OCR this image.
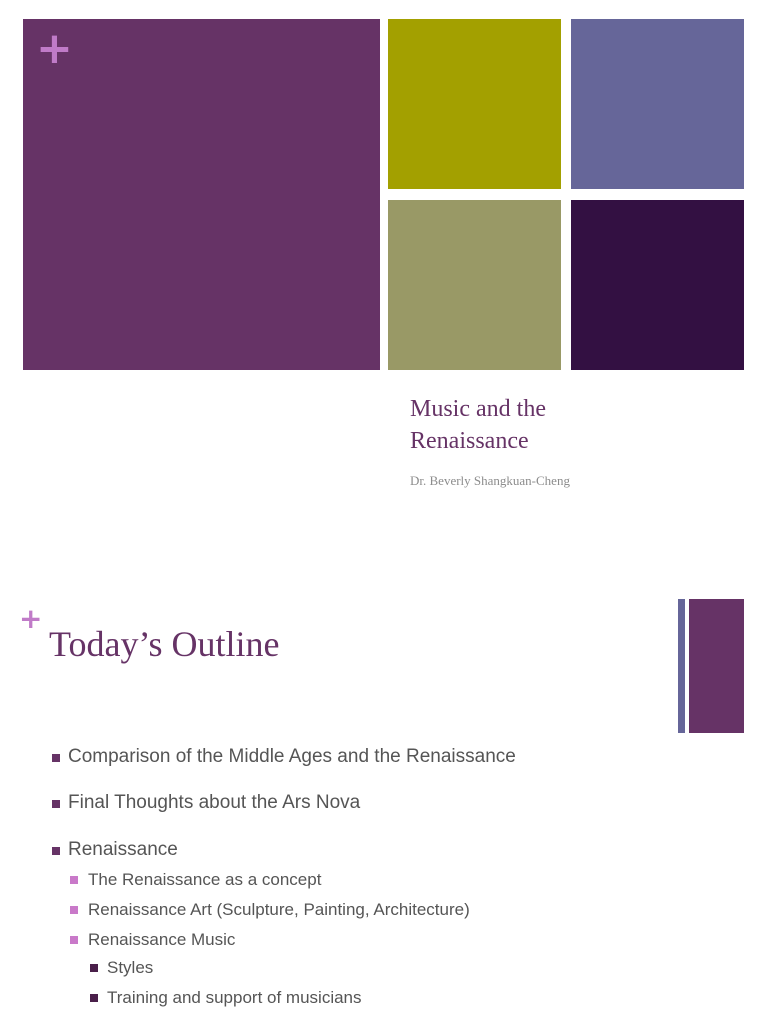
+
Music and the
Renaissance
Dr. Beverly Shangkuan-Cheng
+
Today’s Outline
Comparison of the Middle Ages and the Renaissance
Final Thoughts about the Ars Nova
Renaissance
The Renaissance as a concept
Renaissance Art (Sculpture, Painting, Architecture)
Renaissance Music
Styles
Training and support of musicians
